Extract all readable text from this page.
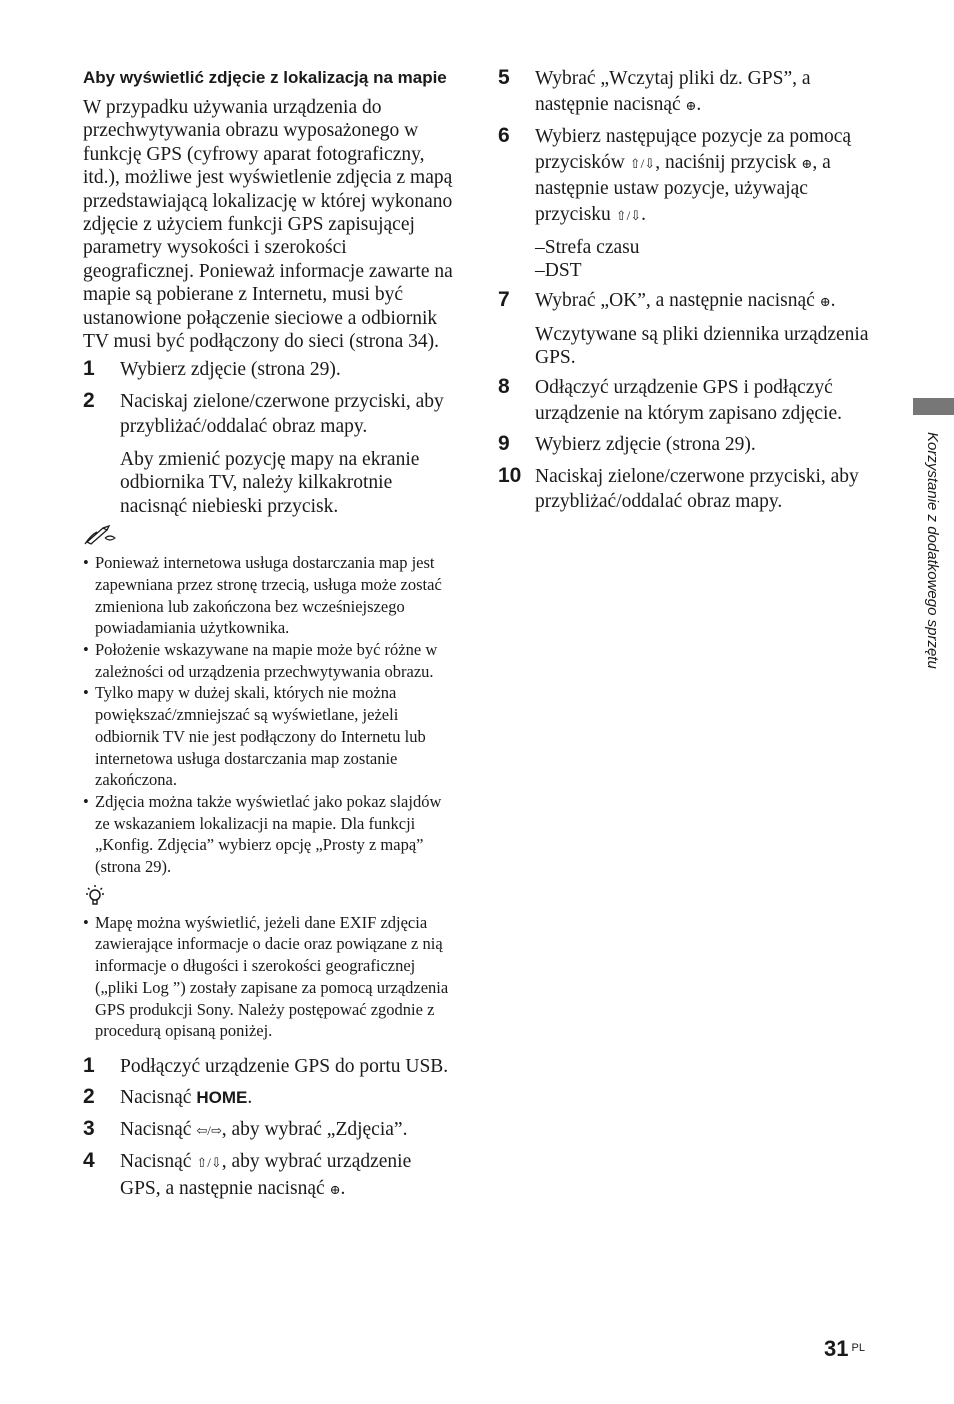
Aby wyświetlić zdjęcie z lokalizacją na mapie
W przypadku używania urządzenia do przechwytywania obrazu wyposażonego w funkcję GPS (cyfrowy aparat fotograficzny, itd.), możliwe jest wyświetlenie zdjęcia z mapą przedstawiającą lokalizację w której wykonano zdjęcie z użyciem funkcji GPS zapisującej parametry wysokości i szerokości geograficznej. Ponieważ informacje zawarte na mapie są pobierane z Internetu, musi być ustanowione połączenie sieciowe a odbiornik TV musi być podłączony do sieci (strona 34).
1 Wybierz zdjęcie (strona 29).
2 Naciskaj zielone/czerwone przyciski, aby przybliżać/oddalać obraz mapy.
Aby zmienić pozycję mapy na ekranie odbiornika TV, należy kilkakrotnie nacisnąć niebieski przycisk.
• Ponieważ internetowa usługa dostarczania map jest zapewniana przez stronę trzecią, usługa może zostać zmieniona lub zakończona bez wcześniejszego powiadamiania użytkownika.
• Położenie wskazywane na mapie może być różne w zależności od urządzenia przechwytywania obrazu.
• Tylko mapy w dużej skali, których nie można powiększać/zmniejszać są wyświetlane, jeżeli odbiornik TV nie jest podłączony do Internetu lub internetowa usługa dostarczania map zostanie zakończona.
• Zdjęcia można także wyświetlać jako pokaz slajdów ze wskazaniem lokalizacji na mapie. Dla funkcji „Konfig. Zdjęcia” wybierz opcję „Prosty z mapą” (strona 29).
• Mapę można wyświetlić, jeżeli dane EXIF zdjęcia zawierające informacje o dacie oraz powiązane z nią informacje o długości i szerokości geograficznej („pliki Log ”) zostały zapisane za pomocą urządzenia GPS produkcji Sony. Należy postępować zgodnie z procedurą opisaną poniżej.
1 Podłączyć urządzenie GPS do portu USB.
2 Nacisnąć HOME.
3 Nacisnąć ⇦/⇨, aby wybrać „Zdjęcia”.
4 Nacisnąć ⇧/⇩, aby wybrać urządzenie GPS, a następnie nacisnąć ⊕.
5 Wybrać „Wczytaj pliki dz. GPS”, a następnie nacisnąć ⊕.
6 Wybierz następujące pozycje za pomocą przycisków ⇧/⇩, naciśnij przycisk ⊕, a następnie ustaw pozycje, używając przycisku ⇧/⇩.
–Strefa czasu
–DST
7 Wybrać „OK”, a następnie nacisnąć ⊕.
Wczytywane są pliki dziennika urządzenia GPS.
8 Odłączyć urządzenie GPS i podłączyć urządzenie na którym zapisano zdjęcie.
9 Wybierz zdjęcie (strona 29).
10 Naciskaj zielone/czerwone przyciski, aby przybliżać/oddalać obraz mapy.	Korzystanie z dodatkowego sprzętu
31 $^{PL}$
